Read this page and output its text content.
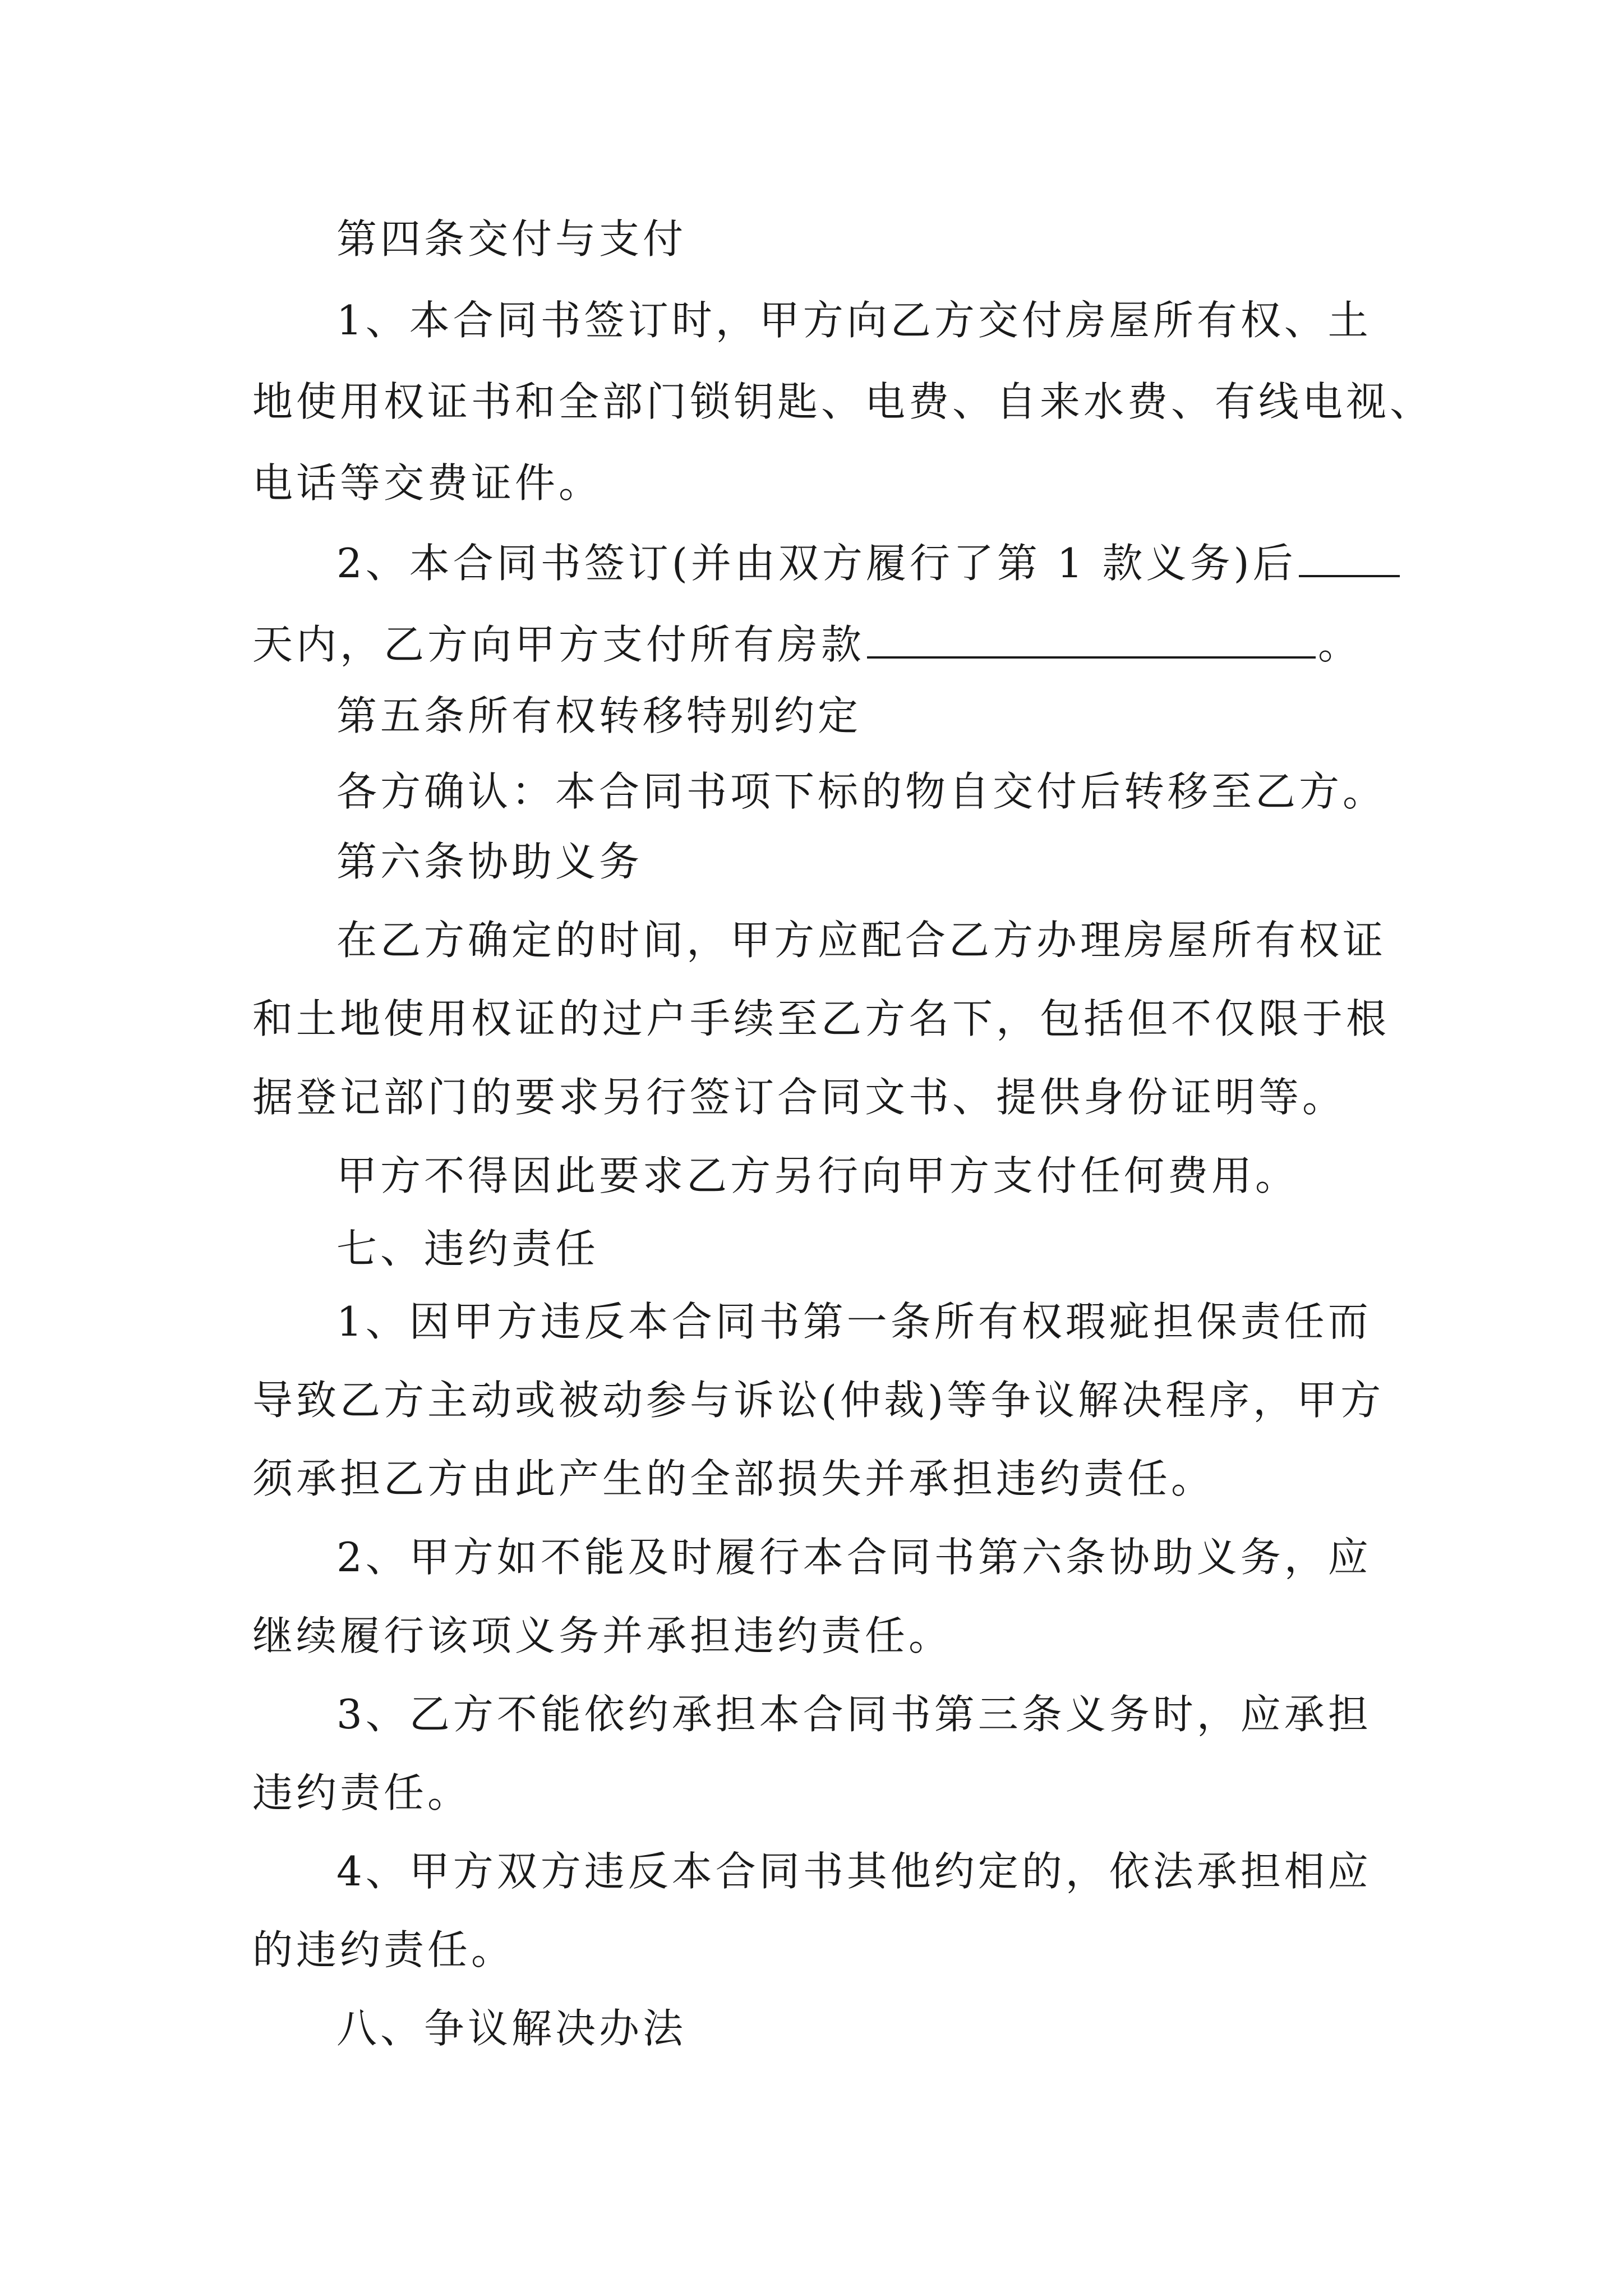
第四条交付与支付
1、本合同书签订时，甲方向乙方交付房屋所有权、土
地使用权证书和全部门锁钥匙、电费、自来水费、有线电视、
电话等交费证件。
2、本合同书签订(并由双方履行了第 1 款义务)后
天内，乙方向甲方支付所有房款	。
第五条所有权转移特别约定
各方确认：本合同书项下标的物自交付后转移至乙方。
第六条协助义务
在乙方确定的时间，甲方应配合乙方办理房屋所有权证
和土地使用权证的过户手续至乙方名下，包括但不仅限于根
据登记部门的要求另行签订合同文书、提供身份证明等。
甲方不得因此要求乙方另行向甲方支付任何费用。
七、违约责任
1、因甲方违反本合同书第一条所有权瑕疵担保责任而
导致乙方主动或被动参与诉讼(仲裁)等争议解决程序，甲方
须承担乙方由此产生的全部损失并承担违约责任。
2、甲方如不能及时履行本合同书第六条协助义务，应
继续履行该项义务并承担违约责任。
3、乙方不能依约承担本合同书第三条义务时，应承担
违约责任。
4、甲方双方违反本合同书其他约定的，依法承担相应
的违约责任。
八、争议解决办法
